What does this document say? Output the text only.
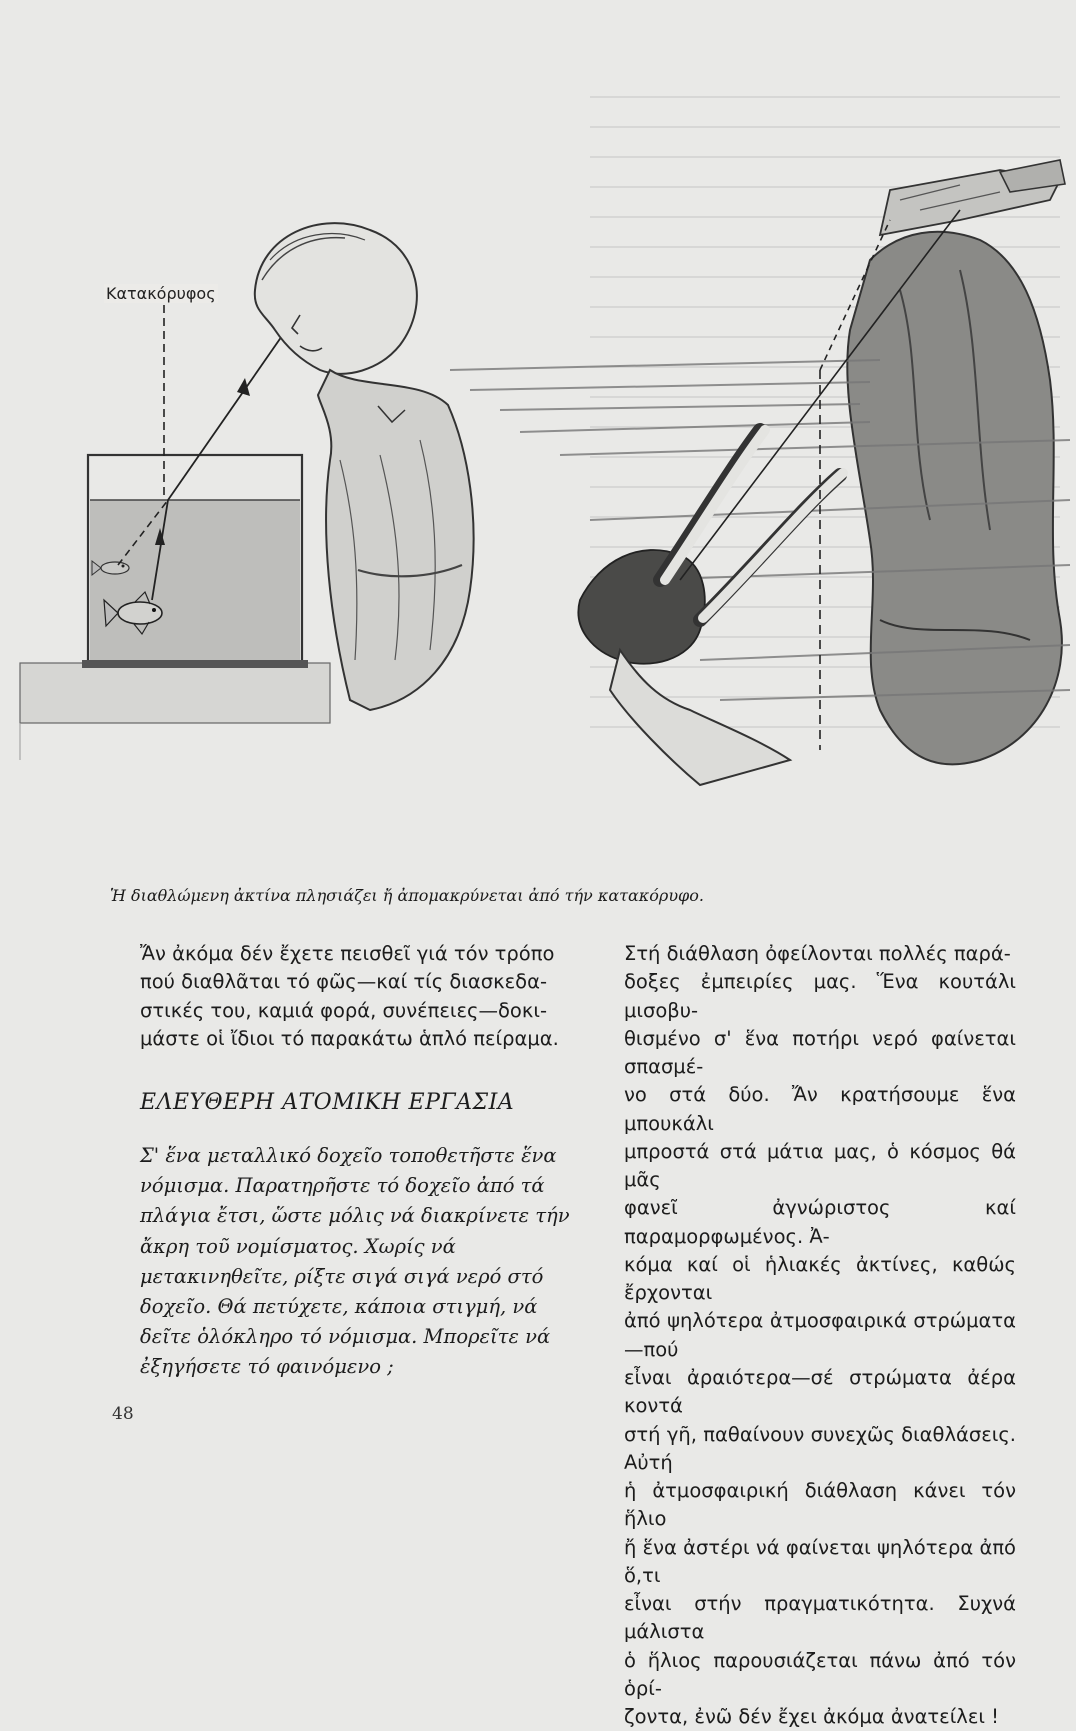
Κατακόρυφος
Ἡ διαθλώμενη ἀκτίνα πλησιάζει ἤ ἀπομακρύνεται ἀπό τήν κατακόρυφο.

Ἄν ἀκόμα δέν ἔχετε πεισθεῖ γιά τόν τρόπο
πού διαθλᾶται τό φῶς—καί τίς διασκεδα-
στικές του, καμιά φορά, συνέπειες—δοκι-
μάστε οἱ ἴδιοι τό παρακάτω ἁπλό πείραμα.

ΕΛΕΥΘΕΡΗ ΑΤΟΜΙΚΗ ΕΡΓΑΣΙΑ

Σ' ἕνα μεταλλικό δοχεῖο τοποθετῆστε ἕνα
νόμισμα. Παρατηρῆστε τό δοχεῖο ἀπό τά
πλάγια ἔτσι, ὥστε μόλις νά διακρίνετε τήν
ἄκρη τοῦ νομίσματος. Χωρίς νά
μετακινηθεῖτε, ρίξτε σιγά σιγά νερό στό
δοχεῖο. Θά πετύχετε, κάποια στιγμή, νά
δεῖτε ὁλόκληρο τό νόμισμα. Μπορεῖτε νά
ἐξηγήσετε τό φαινόμενο ;

Στή διάθλαση ὀφείλονται πολλές παρά-
δοξες ἐμπειρίες μας. Ἕνα κουτάλι μισοβυ-
θισμένο σ' ἕνα ποτήρι νερό φαίνεται σπασμέ-
νο στά δύο. Ἄν κρατήσουμε ἕνα μπουκάλι
μπροστά στά μάτια μας, ὁ κόσμος θά μᾶς
φανεῖ ἀγνώριστος καί παραμορφωμένος. Ἀ-
κόμα καί οἱ ἡλιακές ἀκτίνες, καθώς ἔρχονται
ἀπό ψηλότερα ἀτμοσφαιρικά στρώματα—πού
εἶναι ἀραιότερα—σέ στρώματα ἀέρα κοντά
στή γῆ, παθαίνουν συνεχῶς διαθλάσεις. Αὐτή
ἡ ἀτμοσφαιρική διάθλαση κάνει τόν ἥλιο
ἤ ἕνα ἀστέρι νά φαίνεται ψηλότερα ἀπό ὅ,τι
εἶναι στήν πραγματικότητα. Συχνά μάλιστα
ὁ ἥλιος παρουσιάζεται πάνω ἀπό τόν ὁρί-
ζοντα, ἐνῶ δέν ἔχει ἀκόμα ἀνατείλει !

48
